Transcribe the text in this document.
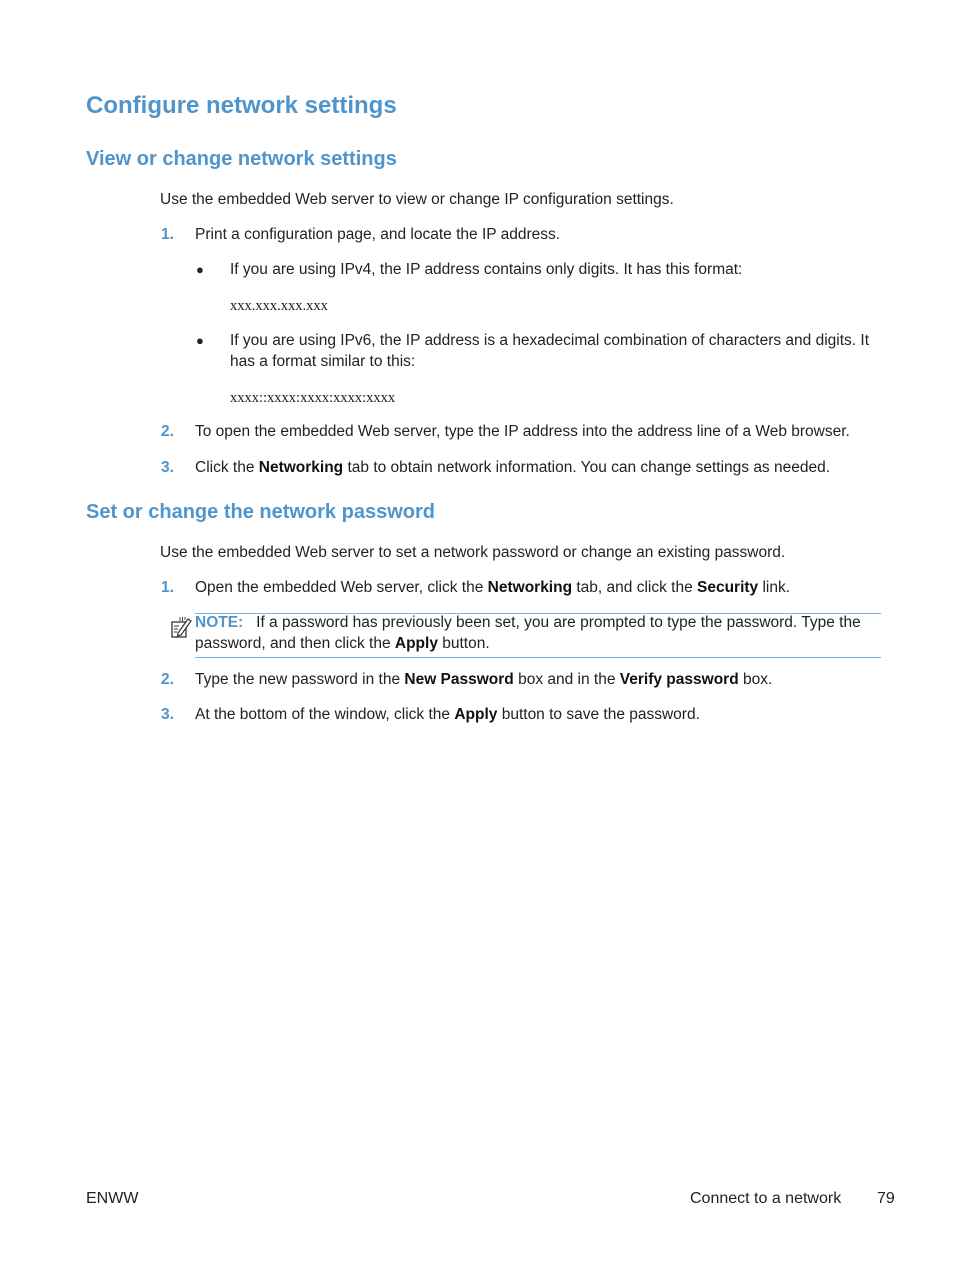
Configure network settings
View or change network settings
Use the embedded Web server to view or change IP configuration settings.
1. Print a configuration page, and locate the IP address.
● If you are using IPv4, the IP address contains only digits. It has this format:
xxx.xxx.xxx.xxx
● If you are using IPv6, the IP address is a hexadecimal combination of characters and digits. It has a format similar to this:
xxxx::xxxx:xxxx:xxxx:xxxx
2. To open the embedded Web server, type the IP address into the address line of a Web browser.
3. Click the Networking tab to obtain network information. You can change settings as needed.
Set or change the network password
Use the embedded Web server to set a network password or change an existing password.
1. Open the embedded Web server, click the Networking tab, and click the Security link.
NOTE: If a password has previously been set, you are prompted to type the password. Type the password, and then click the Apply button.
2. Type the new password in the New Password box and in the Verify password box.
3. At the bottom of the window, click the Apply button to save the password.
ENWW	Connect to a network 79
